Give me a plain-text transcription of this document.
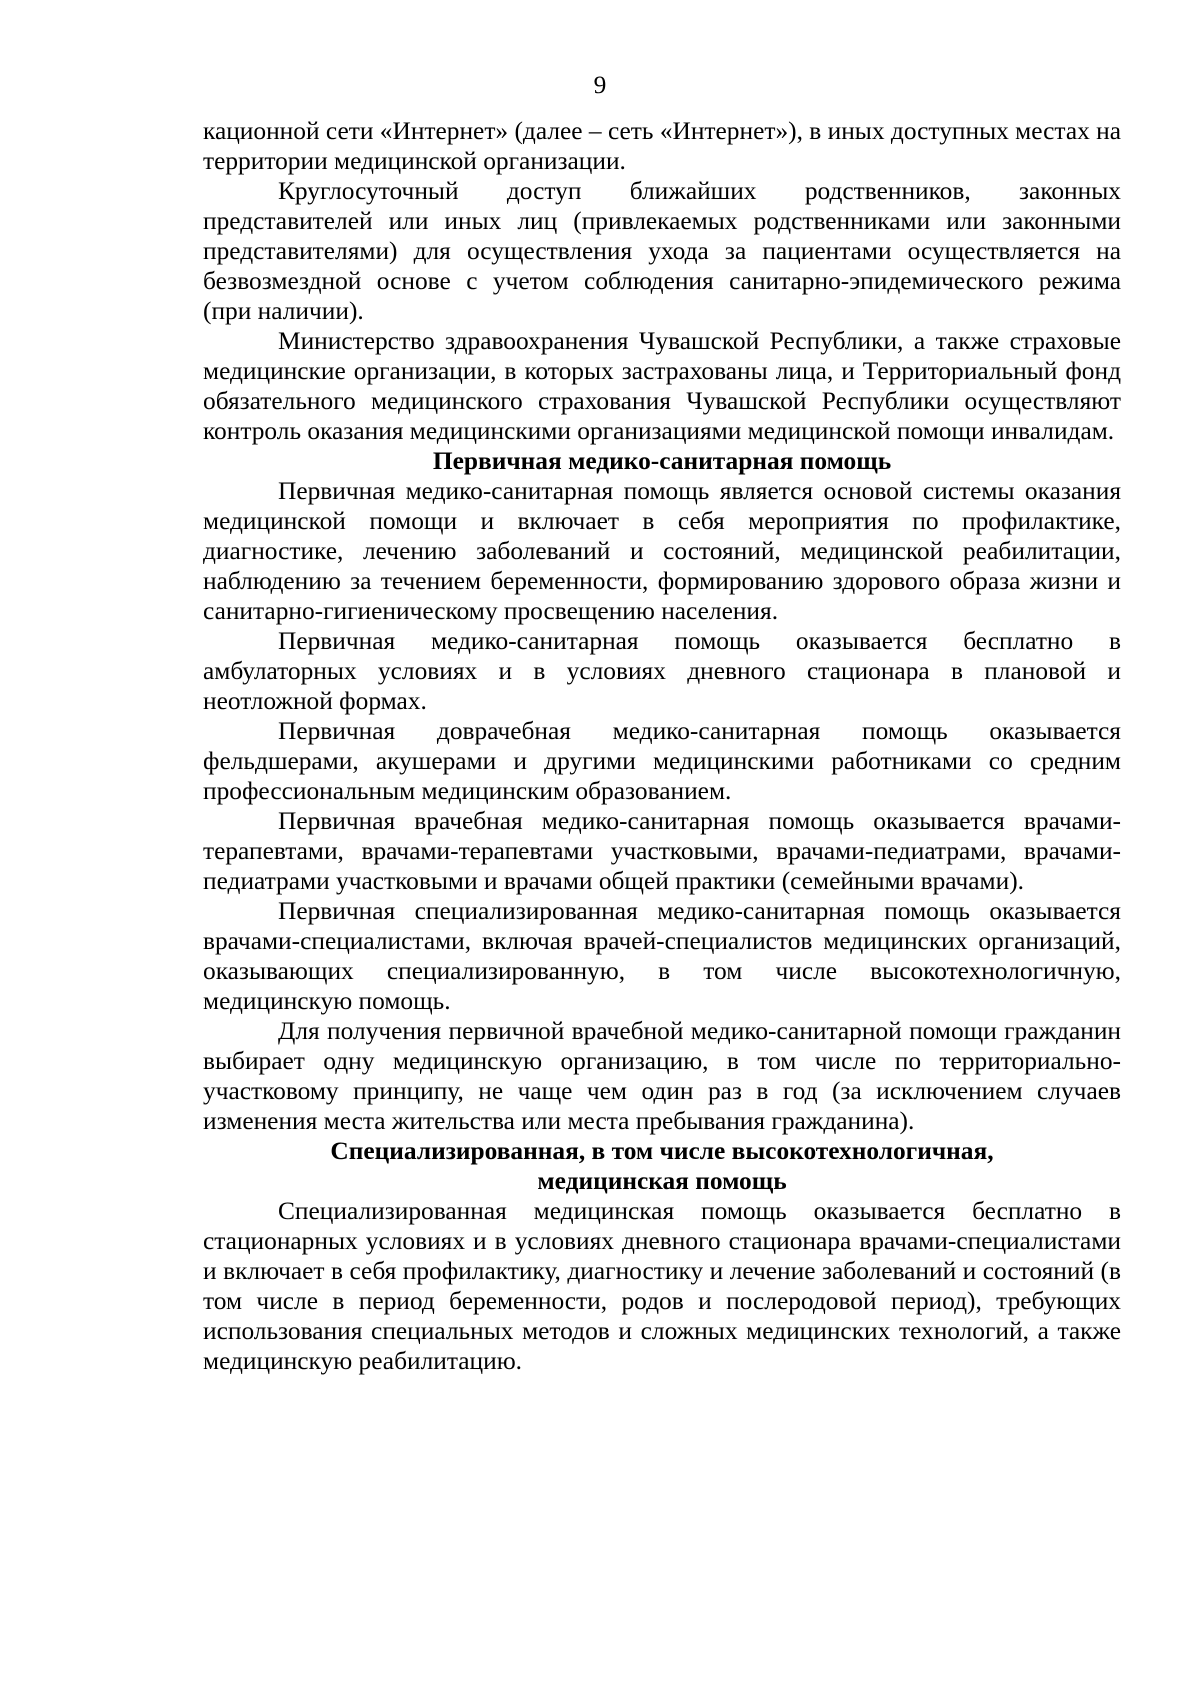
9

кационной сети «Интернет» (далее – сеть «Интернет»), в иных доступных местах на территории медицинской организации.

Круглосуточный доступ ближайших родственников, законных представителей или иных лиц (привлекаемых родственниками или законными представителями) для осуществления ухода за пациентами осуществляется на безвозмездной основе с учетом соблюдения санитарно-эпидемического режима (при наличии).

Министерство здравоохранения Чувашской Республики, а также страховые медицинские организации, в которых застрахованы лица, и Территориальный фонд обязательного медицинского страхования Чувашской Республики осуществляют контроль оказания медицинскими организациями медицинской помощи инвалидам.

Первичная медико-санитарная помощь

Первичная медико-санитарная помощь является основой системы оказания медицинской помощи и включает в себя мероприятия по профилактике, диагностике, лечению заболеваний и состояний, медицинской реабилитации, наблюдению за течением беременности, формированию здорового образа жизни и санитарно-гигиеническому просвещению населения.

Первичная медико-санитарная помощь оказывается бесплатно в амбулаторных условиях и в условиях дневного стационара в плановой и неотложной формах.

Первичная доврачебная медико-санитарная помощь оказывается фельдшерами, акушерами и другими медицинскими работниками со средним профессиональным медицинским образованием.

Первичная врачебная медико-санитарная помощь оказывается врачами-терапевтами, врачами-терапевтами участковыми, врачами-педиатрами, врачами-педиатрами участковыми и врачами общей практики (семейными врачами).

Первичная специализированная медико-санитарная помощь оказывается врачами-специалистами, включая врачей-специалистов медицинских организаций, оказывающих специализированную, в том числе высокотехнологичную, медицинскую помощь.

Для получения первичной врачебной медико-санитарной помощи гражданин выбирает одну медицинскую организацию, в том числе по территориально-участковому принципу, не чаще чем один раз в год (за исключением случаев изменения места жительства или места пребывания гражданина).

Специализированная, в том числе высокотехнологичная,
медицинская помощь

Специализированная медицинская помощь оказывается бесплатно в стационарных условиях и в условиях дневного стационара врачами-специалистами и включает в себя профилактику, диагностику и лечение заболеваний и состояний (в том числе в период беременности, родов и послеродовой период), требующих использования специальных методов и сложных медицинских технологий, а также медицинскую реабилитацию.
